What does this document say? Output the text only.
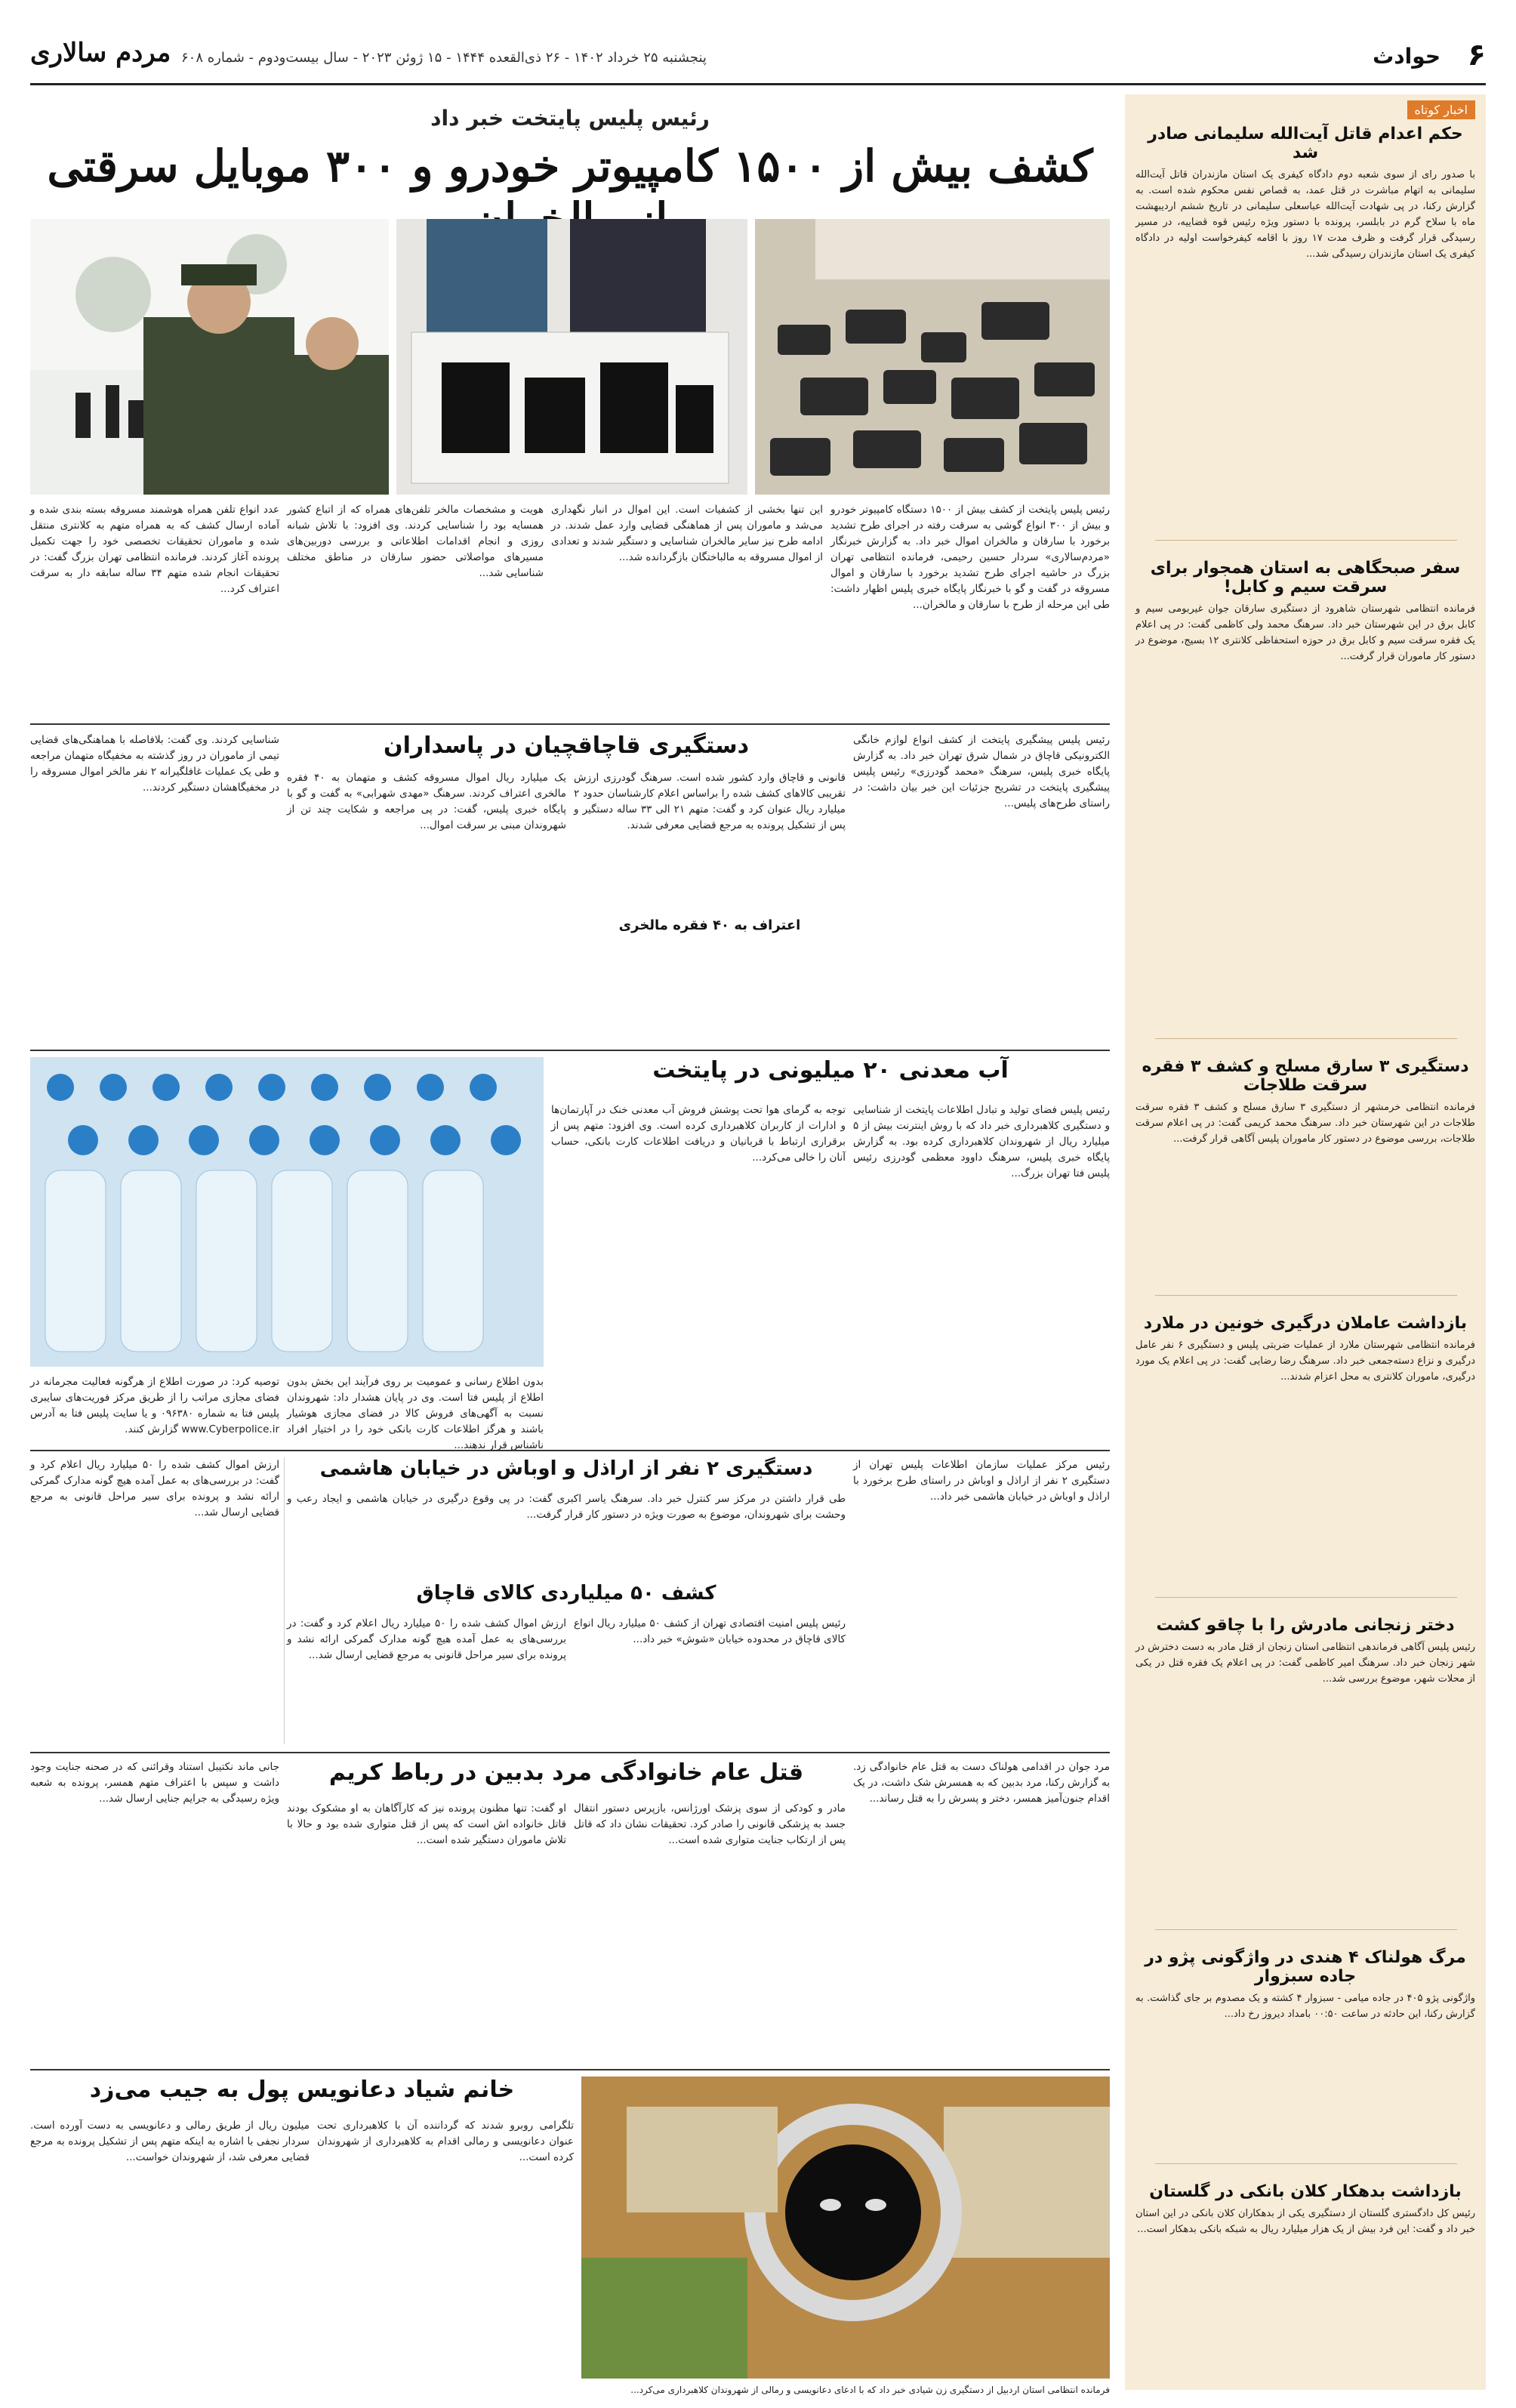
۶
حوادث
پنجشنبه ۲۵ خرداد ۱۴۰۲ - ۲۶ ذی‌القعده ۱۴۴۴ - ۱۵ ژوئن ۲۰۲۳ - سال بیست‌ودوم - شماره ۶۰۸
مردم سالاری
اخبار کوتاه
حکم اعدام قاتل آیت‌الله سلیمانی صادر شد

با صدور رای از سوی شعبه دوم دادگاه کیفری یک استان مازندران قاتل آیت‌الله سلیمانی به اتهام مباشرت در قتل عمد، به قصاص نفس محکوم شده است. به گزارش رکنا، در پی شهادت آیت‌الله عباسعلی سلیمانی در تاریخ ششم اردیبهشت ماه با سلاح گرم در بابلسر، پرونده با دستور ویژه رئیس قوه قضاییه، در مسیر رسیدگی قرار گرفت و ظرف مدت ۱۷ روز با اقامه کیفرخواست اولیه در دادگاه کیفری یک استان مازندران رسیدگی شد...

سفر صبحگاهی به استان همجوار برای سرقت سیم و کابل!

فرمانده انتظامی شهرستان شاهرود از دستگیری سارقان جوان غیربومی سیم و کابل برق در این شهرستان خبر داد. سرهنگ محمد ولی کاظمی گفت: در پی اعلام یک فقره سرقت سیم و کابل برق در حوزه استحفاظی کلانتری ۱۲ بسیج، موضوع در دستور کار ماموران قرار گرفت...

دستگیری ۳ سارق مسلح و کشف ۳ فقره سرقت طلاجات

فرمانده انتظامی خرمشهر از دستگیری ۳ سارق مسلح و کشف ۳ فقره سرقت طلاجات در این شهرستان خبر داد. سرهنگ محمد کریمی گفت: در پی اعلام سرقت طلاجات، بررسی موضوع در دستور کار ماموران پلیس آگاهی قرار گرفت...

بازداشت عاملان درگیری خونین در ملارد

فرمانده انتظامی شهرستان ملارد از عملیات ضربتی پلیس و دستگیری ۶ نفر عامل درگیری و نزاع دسته‌جمعی خبر داد. سرهنگ رضا رضایی گفت: در پی اعلام یک مورد درگیری، ماموران کلانتری به محل اعزام شدند...

دختر زنجانی مادرش را با چاقو کشت

رئیس پلیس آگاهی فرماندهی انتظامی استان زنجان از قتل مادر به دست دخترش در شهر زنجان خبر داد. سرهنگ امیر کاظمی گفت: در پی اعلام یک فقره قتل در یکی از محلات شهر، موضوع بررسی شد...

مرگ هولناک ۴ هندی در واژگونی پژو در جاده سبزوار

واژگونی پژو ۴۰۵ در جاده میامی - سبزوار ۴ کشته و یک مصدوم بر جای گذاشت. به گزارش رکنا، این حادثه در ساعت ۰۰:۵۰ بامداد دیروز رخ داد...

بازداشت بدهکار کلان بانکی در گلستان

رئیس کل دادگستری گلستان از دستگیری یکی از بدهکاران کلان بانکی در این استان خبر داد و گفت: این فرد بیش از یک هزار میلیارد ریال به شبکه بانکی بدهکار است...

رئیس پلیس پایتخت خبر داد
کشف بیش از ۱۵۰۰ کامپیوتر خودرو و ۳۰۰ موبایل سرقتی
رئیس پلیس پایتخت از کشف بیش از ۱۵۰۰ دستگاه کامپیوتر خودرو و بیش از ۳۰۰ انواع گوشی به سرقت رفته در اجرای طرح تشدید برخورد با سارقان و مالخران اموال خبر داد. به گزارش خبرنگار «مردم‌سالاری» سردار حسین رحیمی، فرمانده انتظامی تهران بزرگ در حاشیه اجرای طرح تشدید برخورد با سارقان و اموال مسروقه در گفت و گو با خبرنگار پایگاه خبری پلیس اظهار داشت: طی این مرحله از طرح با سارقان و مالخران...
این تنها بخشی از کشفیات است. این اموال در انبار نگهداری می‌شد و ماموران پس از هماهنگی قضایی وارد عمل شدند. در ادامه طرح نیز سایر مالخران شناسایی و دستگیر شدند و تعدادی از اموال مسروقه به مالباختگان بازگردانده شد...
هویت و مشخصات مالخر تلفن‌های همراه که از اتباع کشور همسایه بود را شناسایی کردند. وی افزود: با تلاش شبانه روزی و انجام اقدامات اطلاعاتی و بررسی دوربین‌های مسیرهای مواصلاتی حضور سارقان در مناطق مختلف شناسایی شد...
عدد انواع تلفن همراه هوشمند مسروقه بسته بندی شده و آماده ارسال کشف که به همراه متهم به کلانتری منتقل شده و ماموران تحقیقات تخصصی خود را جهت تکمیل پرونده آغاز کردند. فرمانده انتظامی تهران بزرگ گفت: در تحقیقات انجام شده متهم ۳۴ ساله سابقه دار به سرقت اعتراف کرد...
دستگیری قاچاقچیان در پاسداران	رئیس پلیس پیشگیری پایتخت از کشف انواع لوازم خانگی الکترونیکی قاچاق در شمال شرق تهران خبر داد. به گزارش پایگاه خبری پلیس، سرهنگ «محمد گودرزی» رئیس پلیس پیشگیری پایتخت در تشریح جزئیات این خبر بیان داشت: در راستای طرح‌های پلیس...
قانونی و قاچاق وارد کشور شده است. سرهنگ گودرزی ارزش تقریبی کالاهای کشف شده را براساس اعلام کارشناسان حدود ۲ میلیارد ریال عنوان کرد و گفت: متهم ۲۱ الی ۳۳ ساله دستگیر و پس از تشکیل پرونده به مرجع قضایی معرفی شدند.
اعتراف به ۴۰ فقره مالخری
یک میلیارد ریال اموال مسروقه کشف و متهمان به ۴۰ فقره مالخری اعتراف کردند. سرهنگ «مهدی شهرابی» به گفت و گو با پایگاه خبری پلیس، گفت: در پی مراجعه و شکایت چند تن از شهروندان مبنی بر سرقت اموال...
شناسایی کردند. وی گفت: بلافاصله با هماهنگی‌های قضایی تیمی از ماموران در روز گذشته به مخفیگاه متهمان مراجعه و طی یک عملیات غافلگیرانه ۲ نفر مالخر اموال مسروقه را در مخفیگاهشان دستگیر کردند...
آب معدنی ۲۰ میلیونی در پایتخت
رئیس پلیس فضای تولید و تبادل اطلاعات پایتخت از شناسایی و دستگیری کلاهبرداری خبر داد که با روش اینترنت بیش از ۵ میلیارد ریال از شهروندان کلاهبرداری کرده بود. به گزارش پایگاه خبری پلیس، سرهنگ داوود معظمی گودرزی رئیس پلیس فتا تهران بزرگ...
توجه به گرمای هوا تحت پوشش فروش آب معدنی خنک در آپارتمان‌ها و ادارات از کاربران کلاهبرداری کرده است. وی افزود: متهم پس از برقراری ارتباط با قربانیان و دریافت اطلاعات کارت بانکی، حساب آنان را خالی می‌کرد...
بدون اطلاع رسانی و عمومیت بر روی فرآیند این بخش بدون اطلاع از پلیس فتا است. وی در پایان هشدار داد: شهروندان نسبت به آگهی‌های فروش کالا در فضای مجازی هوشیار باشند و هرگز اطلاعات کارت بانکی خود را در اختیار افراد ناشناس قرار ندهند...
توصیه کرد: در صورت اطلاع از هرگونه فعالیت مجرمانه در فضای مجازی مراتب را از طریق مرکز فوریت‌های سایبری پلیس فتا به شماره ۰۹۶۳۸۰ و یا سایت پلیس فتا به آدرس www.Cyberpolice.ir گزارش کنند.
دستگیری ۲ نفر از اراذل و اوباش در خیابان هاشمی	رئیس مرکز عملیات سازمان اطلاعات پلیس تهران از دستگیری ۲ نفر از اراذل و اوباش در راستای طرح برخورد با اراذل و اوباش در خیابان هاشمی خبر داد...
طی قرار داشتن در مرکز سر کنترل خبر داد. سرهنگ یاسر اکبری گفت: در پی وقوع درگیری در خیابان هاشمی و ایجاد رعب و وحشت برای شهروندان، موضوع به صورت ویژه در دستور کار قرار گرفت...
کشف ۵۰ میلیاردی کالای قاچاق
رئیس پلیس امنیت اقتصادی تهران از کشف ۵۰ میلیارد ریال انواع کالای قاچاق در محدوده خیابان «شوش» خبر داد...
ارزش اموال کشف شده را ۵۰ میلیارد ریال اعلام کرد و گفت: در بررسی‌های به عمل آمده هیچ گونه مدارک گمرکی ارائه نشد و پرونده برای سیر مراحل قانونی به مرجع قضایی ارسال شد...
ارزش اموال کشف شده را ۵۰ میلیارد ریال اعلام کرد و گفت: در بررسی‌های به عمل آمده هیچ گونه مدارک گمرکی ارائه نشد و پرونده برای سیر مراحل قانونی به مرجع قضایی ارسال شد...
قتل عام خانوادگی مرد بدبین در رباط کریم	مرد جوان در اقدامی هولناک دست به قتل عام خانوادگی زد. به گزارش رکنا، مرد بدبین که به همسرش شک داشت، در یک اقدام جنون‌آمیز همسر، دختر و پسرش را به قتل رساند...
مادر و کودکی از سوی پزشک اورژانس، بازپرس دستور انتقال جسد به پزشکی قانونی را صادر کرد. تحقیقات نشان داد که قاتل پس از ارتکاب جنایت متواری شده است...
او گفت: تنها مظنون پرونده نیز که کارآگاهان به او مشکوک بودند قاتل خانواده اش است که پس از قتل متواری شده بود و حالا با تلاش ماموران دستگیر شده است...
جانی ماند نکتیبل استناد وقرائنی که در صحنه جنایت وجود داشت و سپس با اعتراف متهم همسر، پرونده به شعبه ویژه رسیدگی به جرایم جنایی ارسال شد...
خانم شیاد دعانویس پول به جیب می‌زد
تلگرامی روبرو شدند که گرداننده آن با کلاهبرداری تحت عنوان دعانویسی و رمالی اقدام به کلاهبرداری از شهروندان کرده است...
میلیون ریال از طریق رمالی و دعانویسی به دست آورده است. سردار نجفی با اشاره به اینکه متهم پس از تشکیل پرونده به مرجع قضایی معرفی شد، از شهروندان خواست...
فرمانده انتظامی استان اردبیل از دستگیری زن شیادی خبر داد که با ادعای دعانویسی و رمالی از شهروندان کلاهبرداری می‌کرد...
